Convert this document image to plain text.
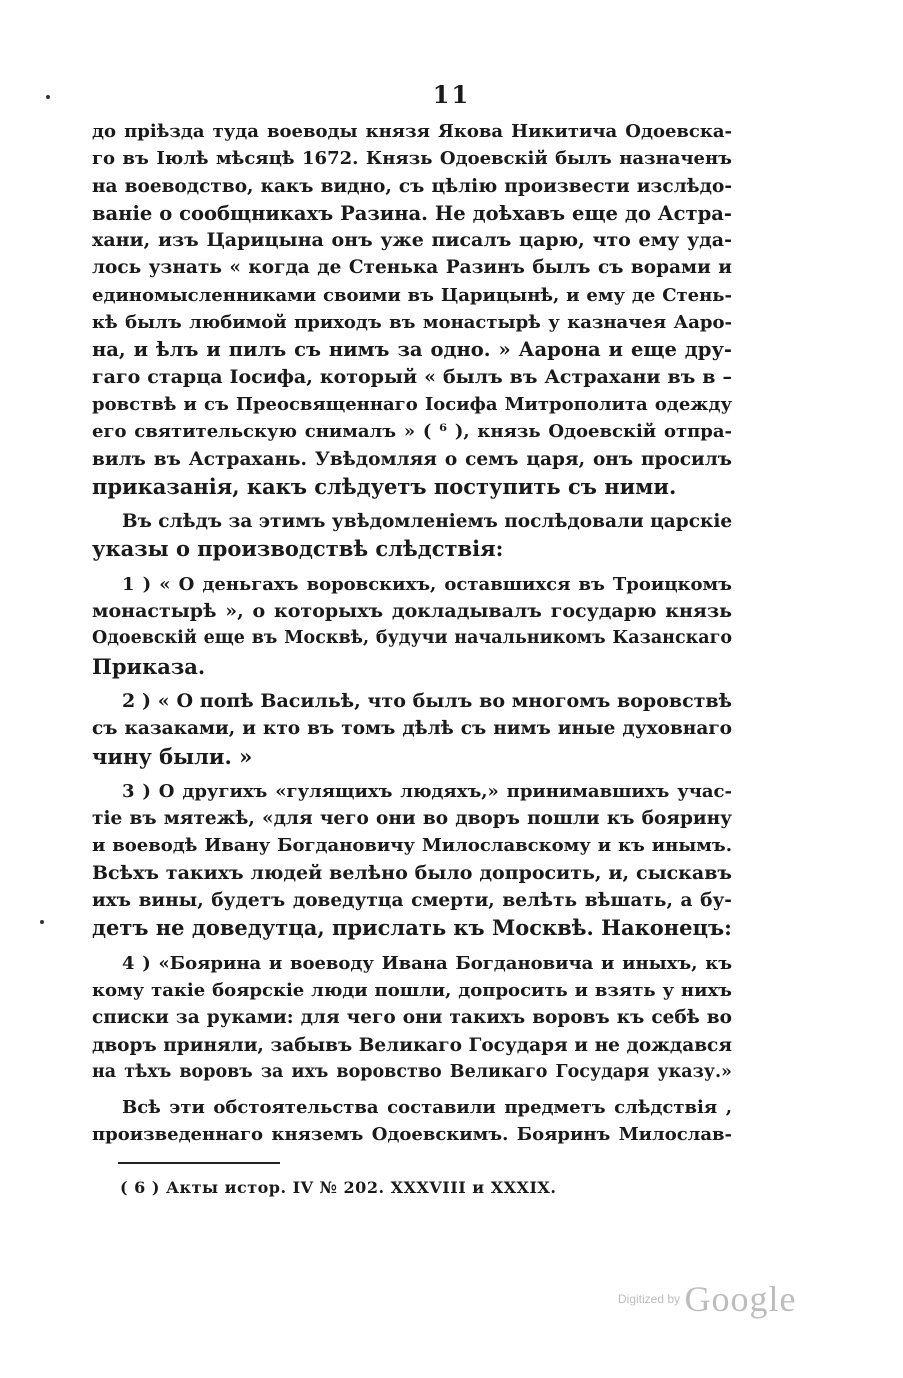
11
до пріѣзда туда воеводы князя Якова Никитича Одоевска-
го въ Іюлѣ мѣсяцѣ 1672. Князь Одоевскій былъ назначенъ
на воеводство, какъ видно, съ цѣлію произвести изслѣдо-
ваніе о сообщникахъ Разина. Не доѣхавъ еще до Астра-
хани, изъ Царицына онъ уже писалъ царю, что ему уда-
лось узнать « когда де Стенька Разинъ былъ съ ворами и
единомысленниками своими въ Царицынѣ, и ему де Стень-
кѣ былъ любимой приходъ въ монастырѣ у казначея Ааро-
на, и ѣлъ и пилъ съ нимъ за одно. » Аарона и еще дру-
гаго старца Іосифа, который « былъ въ Астрахани въ в –
ровствѣ и съ Преосвященнаго Іосифа Митрополита одежду
его святительскую снималъ » ( ⁶ ), князь Одоевскій отпра-
вилъ въ Астрахань. Увѣдомляя о семъ царя, онъ просилъ
приказанія, какъ слѣдуетъ поступить съ ними.
Въ слѣдъ за этимъ увѣдомленіемъ послѣдовали царскіе
указы о производствѣ слѣдствія:
1 ) « О деньгахъ воровскихъ, оставшихся въ Троицкомъ
монастырѣ », о которыхъ докладывалъ государю князь
Одоевскій еще въ Москвѣ, будучи начальникомъ Казанскаго
Приказа.
2 ) « О попѣ Васильѣ, что былъ во многомъ воровствѣ
съ казаками, и кто въ томъ дѣлѣ съ нимъ иные духовнаго
чину были. »
3 ) О другихъ «гулящихъ людяхъ,» принимавшихъ учас-
тіе въ мятежѣ, «для чего они во дворъ пошли къ боярину
и воеводѣ Ивану Богдановичу Милославскому и къ инымъ.
Всѣхъ такихъ людей велѣно было допросить, и, сыскавъ
ихъ вины, будетъ доведутца смерти, велѣть вѣшать, а бу-
детъ не доведутца, прислать къ Москвѣ. Наконецъ:
4 ) «Боярина и воеводу Ивана Богдановича и иныхъ, къ
кому такіе боярскіе люди пошли, допросить и взять у нихъ
списки за руками: для чего они такихъ воровъ къ себѣ во
дворъ приняли, забывъ Великаго Государя и не дождався
на тѣхъ воровъ за ихъ воровство Великаго Государя указу.»
Всѣ эти обстоятельства составили предметъ слѣдствія ,
произведеннаго княземъ Одоевскимъ. Бояринъ Милослав-
( 6 ) Акты истор. IV № 202. XXXVIII и XXXIX.
Digitized by Google
